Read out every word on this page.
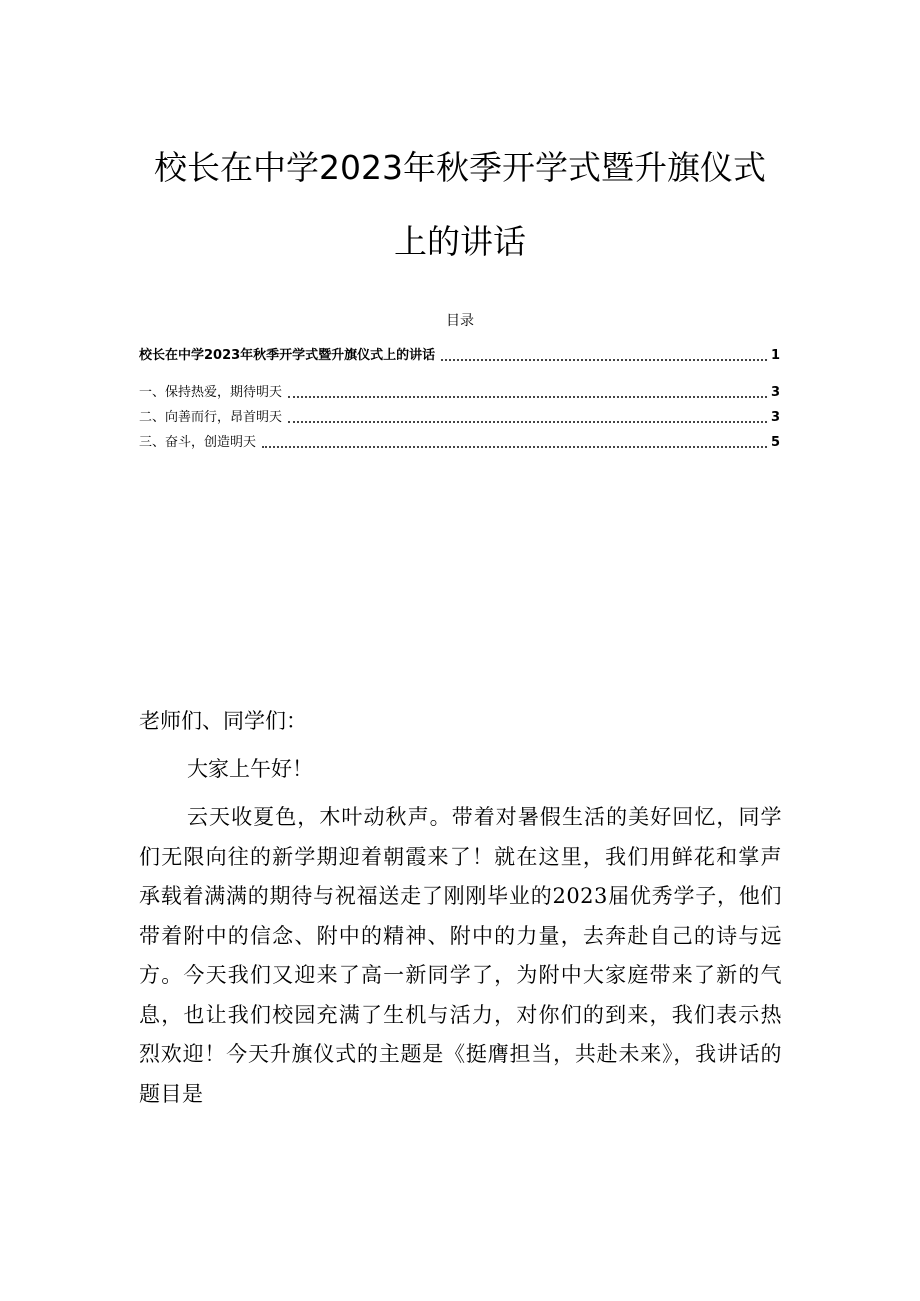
校长在中学2023年秋季开学式暨升旗仪式
上的讲话
目录
校长在中学2023年秋季开学式暨升旗仪式上的讲话	1
一、保持热爱，期待明天	3
二、向善而行，昂首明天	3
三、奋斗，创造明天	5
老师们、同学们：
大家上午好！
云天收夏色，木叶动秋声。带着对暑假生活的美好回忆，同学们无限向往的新学期迎着朝霞来了！就在这里，我们用鲜花和掌声承载着满满的期待与祝福送走了刚刚毕业的2023届优秀学子，他们带着附中的信念、附中的精神、附中的力量，去奔赴自己的诗与远方。今天我们又迎来了高一新同学了，为附中大家庭带来了新的气息，也让我们校园充满了生机与活力，对你们的到来，我们表示热烈欢迎！今天升旗仪式的主题是《挺膺担当，共赴未来》，我讲话的题目是
